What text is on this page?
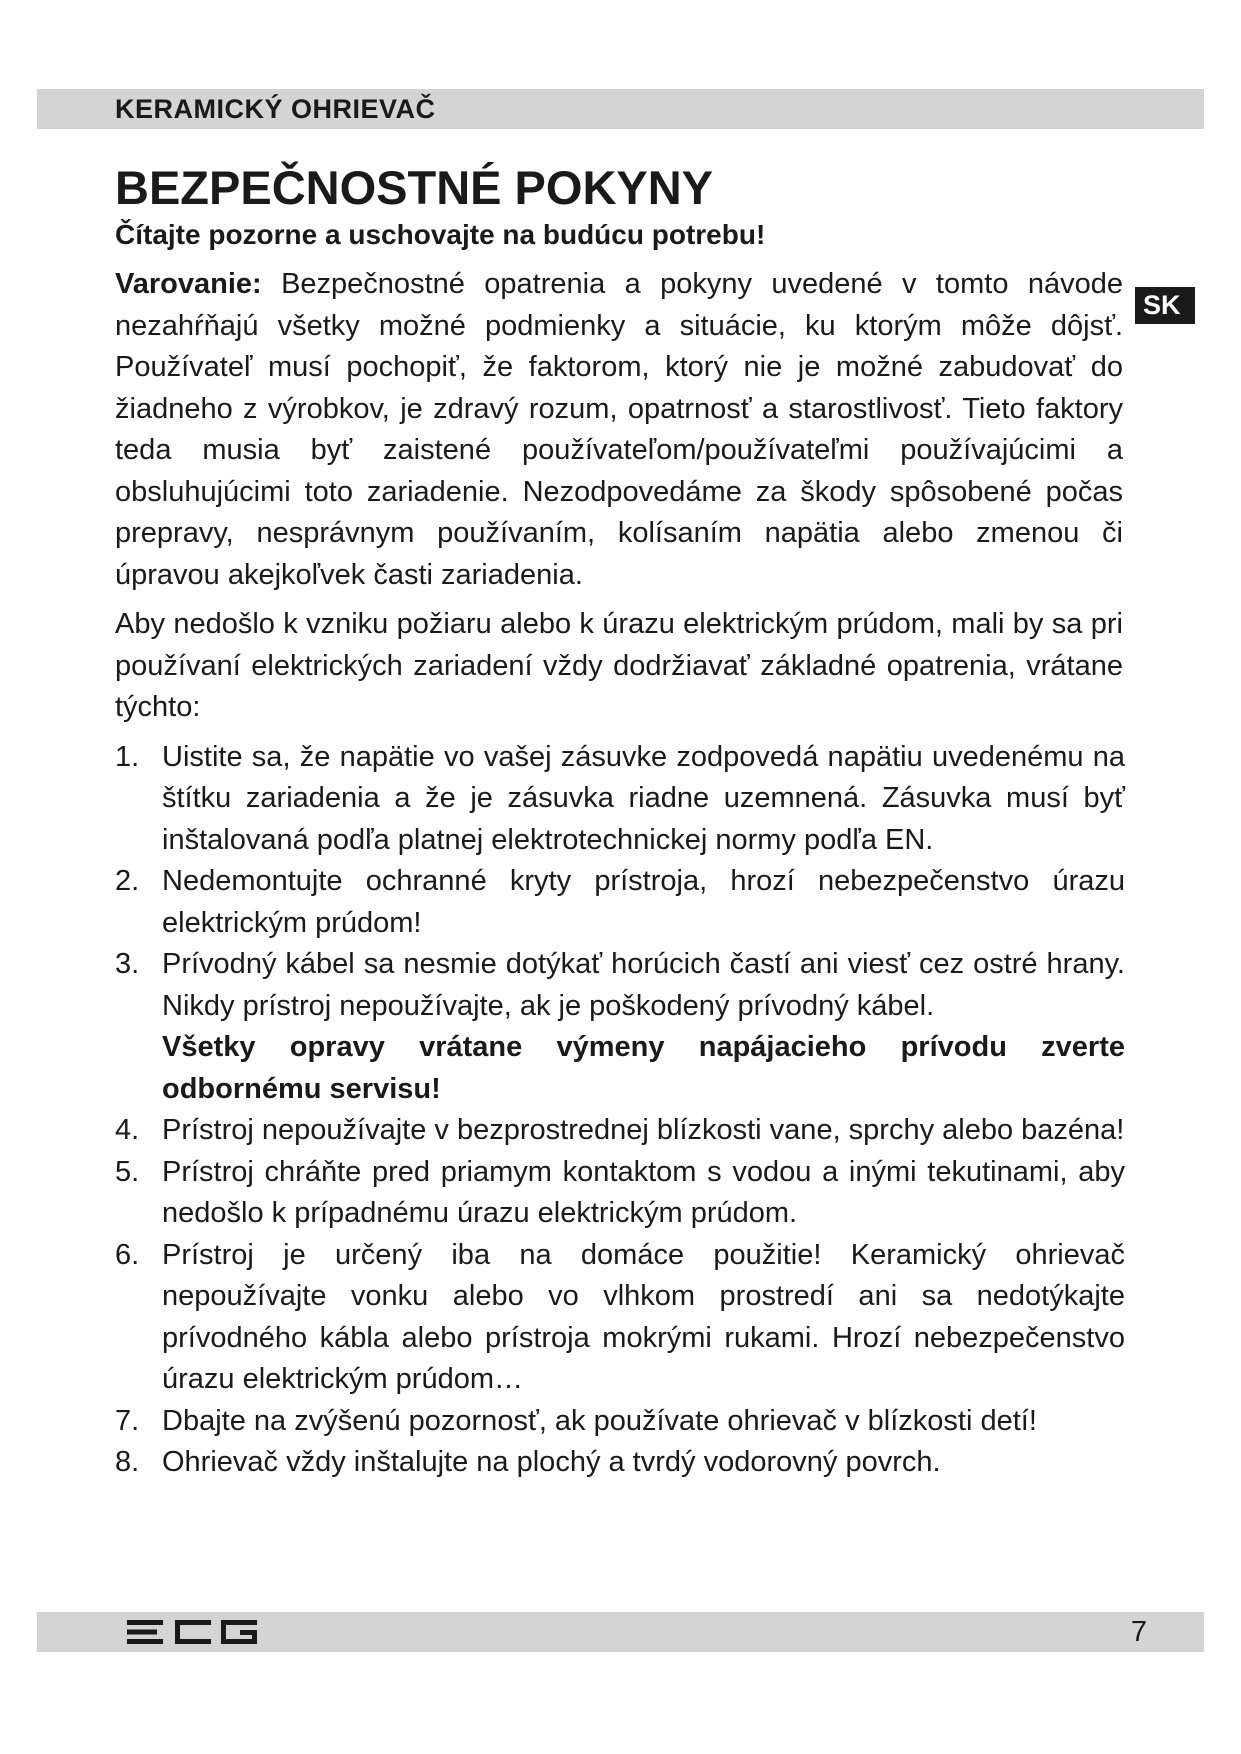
KERAMICKÝ OHRIEVAČ
SK
BEZPEČNOSTNÉ POKYNY

Čítajte pozorne a uschovajte na budúcu potrebu!

Varovanie: Bezpečnostné opatrenia a pokyny uvedené v tomto návode nezahŕňajú všetky možné podmienky a situácie, ku ktorým môže dôjsť. Používateľ musí pochopiť, že faktorom, ktorý nie je možné zabudovať do žiadneho z výrobkov, je zdravý rozum, opatrnosť a starostlivosť. Tieto faktory teda musia byť zaistené používateľom/používateľmi používajúcimi a obsluhujúcimi toto zariadenie. Nezodpovedáme za škody spôsobené počas prepravy, nesprávnym používaním, kolísaním napätia alebo zmenou či úpravou akejkoľvek časti zariadenia.

Aby nedošlo k vzniku požiaru alebo k úrazu elektrickým prúdom, mali by sa pri používaní elektrických zariadení vždy dodržiavať základné opatrenia, vrátane týchto:

1. Uistite sa, že napätie vo vašej zásuvke zodpovedá napätiu uvedenému na štítku zariadenia a že je zásuvka riadne uzemnená. Zásuvka musí byť inštalovaná podľa platnej elektrotechnickej normy podľa EN.
2. Nedemontujte ochranné kryty prístroja, hrozí nebezpečenstvo úrazu elektrickým prúdom!
3. Prívodný kábel sa nesmie dotýkať horúcich častí ani viesť cez ostré hrany. Nikdy prístroj nepoužívajte, ak je poškodený prívodný kábel.
Všetky opravy vrátane výmeny napájacieho prívodu zverte odbornému servisu!
4. Prístroj nepoužívajte v bezprostrednej blízkosti vane, sprchy alebo bazéna!
5. Prístroj chráňte pred priamym kontaktom s vodou a inými tekutinami, aby nedošlo k prípadnému úrazu elektrickým prúdom.
6. Prístroj je určený iba na domáce použitie! Keramický ohrievač nepoužívajte vonku alebo vo vlhkom prostredí ani sa nedotýkajte prívodného kábla alebo prístroja mokrými rukami. Hrozí nebezpečenstvo úrazu elektrickým prúdom…
7. Dbajte na zvýšenú pozornosť, ak používate ohrievač v blízkosti detí!
8. Ohrievač vždy inštalujte na plochý a tvrdý vodorovný povrch.
7
